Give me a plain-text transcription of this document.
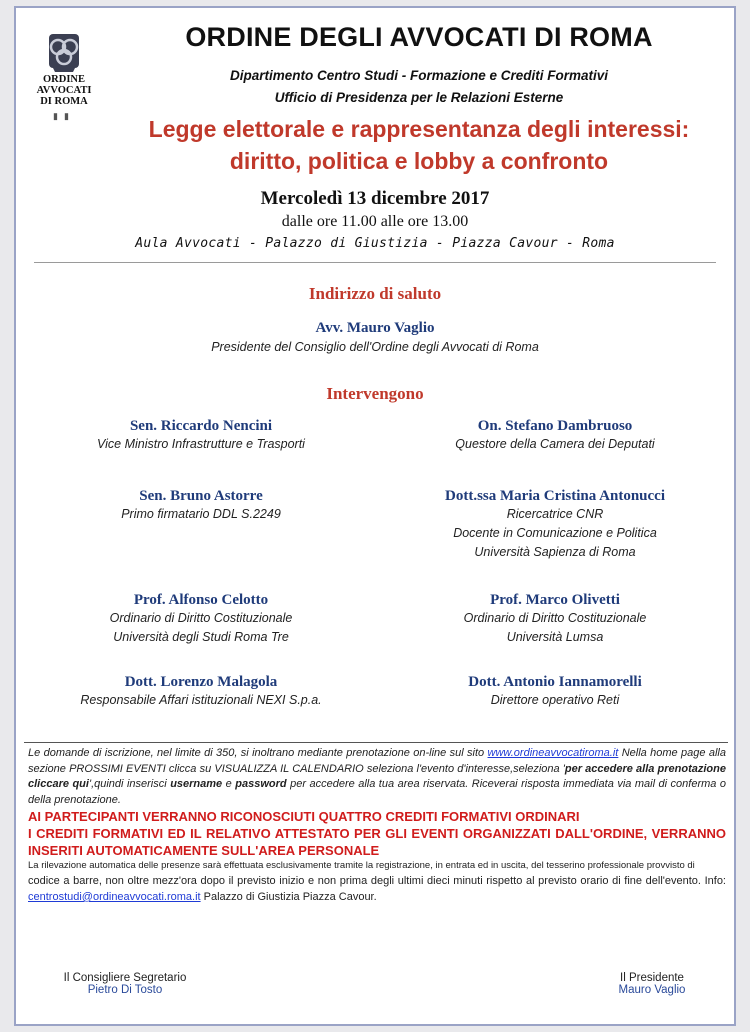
ORDINE
AVVOCATI
DI ROMA
▮▮
ORDINE DEGLI AVVOCATI DI ROMA
Dipartimento Centro Studi - Formazione e Crediti Formativi
Ufficio di Presidenza per le Relazioni Esterne
Legge elettorale e rappresentanza degli interessi:
diritto, politica e lobby a confronto
Mercoledì 13 dicembre 2017
dalle ore 11.00 alle ore 13.00
Aula Avvocati - Palazzo di Giustizia - Piazza Cavour - Roma
Indirizzo di saluto
Avv. Mauro Vaglio
Presidente del Consiglio dell'Ordine degli Avvocati di Roma
Intervengono
Sen. Riccardo Nencini
Vice Ministro Infrastrutture e Trasporti
Sen. Bruno Astorre
Primo firmatario DDL S.2249
Prof. Alfonso Celotto
Ordinario di Diritto Costituzionale
Università degli Studi Roma Tre
Dott. Lorenzo Malagola
Responsabile Affari istituzionali NEXI S.p.a.
On. Stefano Dambruoso
Questore della Camera dei Deputati
Dott.ssa Maria Cristina Antonucci
Ricercatrice CNR
Docente in Comunicazione e Politica
Università Sapienza di Roma
Prof. Marco Olivetti
Ordinario di Diritto Costituzionale
Università Lumsa
Dott. Antonio Iannamorelli
Direttore operativo Reti
Le domande di iscrizione, nel limite di 350, si inoltrano mediante prenotazione on-line sul sito www.ordineavvocatiroma.it Nella home page alla sezione PROSSIMI EVENTI clicca su VISUALIZZA IL CALENDARIO seleziona l'evento d'interesse,seleziona 'per accedere alla prenotazione cliccare qui',quindi inserisci username e password per accedere alla tua area riservata. Riceverai risposta immediata via mail di conferma o della prenotazione.
AI PARTECIPANTI VERRANNO RICONOSCIUTI QUATTRO CREDITI FORMATIVI ORDINARI
I CREDITI FORMATIVI ED IL RELATIVO ATTESTATO PER GLI EVENTI ORGANIZZATI DALL'ORDINE, VERRANNO INSERITI AUTOMATICAMENTE SULL'AREA PERSONALE
La rilevazione automatica delle presenze sarà effettuata esclusivamente tramite la registrazione, in entrata ed in uscita, del tesserino professionale provvisto di
codice a barre, non oltre mezz'ora dopo il previsto inizio e non prima degli ultimi dieci minuti rispetto al previsto orario di fine dell'evento. Info: centrostudi@ordineavvocati.roma.it Palazzo di Giustizia Piazza Cavour.
Il Consigliere Segretario
Pietro Di Tosto
Il Presidente
Mauro Vaglio
